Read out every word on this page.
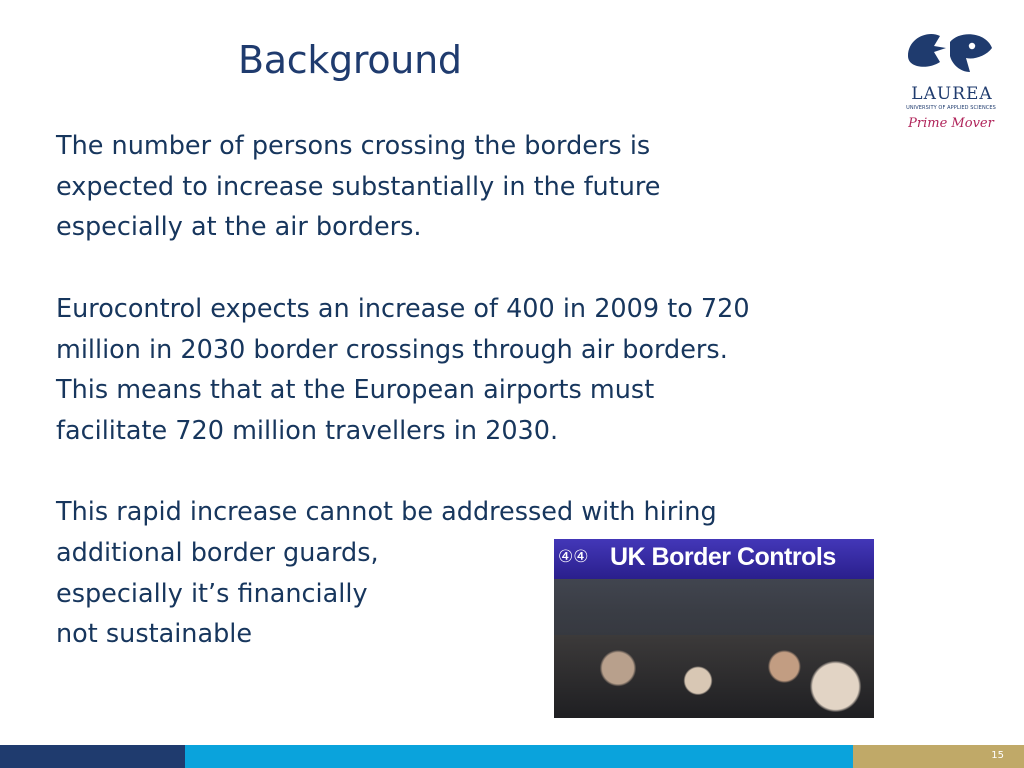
Background
LAUREA
UNIVERSITY OF APPLIED SCIENCES
Prime Mover

The number of persons crossing the borders is
expected to increase substantially in the future
especially at the air borders.

Eurocontrol expects an increase of 400 in 2009 to 720
million in 2030 border crossings through air borders.
This means that at the European airports must
facilitate 720 million travellers in 2030.

This rapid increase cannot be addressed with hiring
additional border guards,
especially it’s financially
not sustainable

④④ UK Border Controls
15
